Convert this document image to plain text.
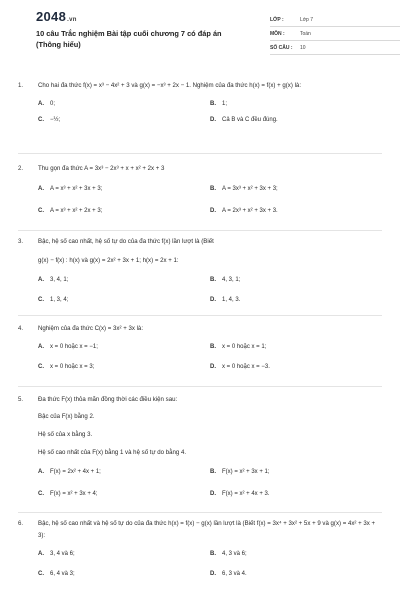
2048.vn
10 câu Trắc nghiệm Bài tập cuối chương 7 có đáp án (Thông hiểu)
LỚP :	Lớp 7
MÔN :	Toán
SỐ CÂU :	10
1. Cho hai đa thức f(x) = x³ − 4x² + 3 và g(x) = −x³ + 2x − 1. Nghiệm của đa thức h(x) = f(x) + g(x) là:
A.	0;	B.	1;
C.	−½;	D.	Cả B và C đều đúng.
2. Thu gọn đa thức A = 3x³ − 2x³ + x + x² + 2x + 3
A.	A = x³ + x² + 3x + 3;	B.	A = 3x³ + x² + 3x + 3;
C.	A = x³ + x² + 2x + 3;	D.	A = 2x³ + x² + 3x + 3.
3. Bậc, hệ số cao nhất, hệ số tự do của đa thức f(x) lần lượt là (Biết
g(x) − f(x) : h(x) và g(x) = 2x² + 3x + 1; h(x) = 2x + 1:
A.	3, 4, 1;	B.	4, 3, 1;
C.	1, 3, 4;	D.	1, 4, 3.
4. Nghiệm của đa thức C(x) = 3x² + 3x là:
A.	x = 0 hoặc x = −1;	B.	x = 0 hoặc x = 1;
C.	x = 0 hoặc x = 3;	D.	x = 0 hoặc x = −3.
5. Đa thức F(x) thỏa mãn đồng thời các điều kiện sau:
Bậc của F(x) bằng 2.
Hệ số của x bằng 3.
Hệ số cao nhất của F(x) bằng 1 và hệ số tự do bằng 4.
A.	F(x) = 2x² + 4x + 1;	B.	F(x) = x² + 3x + 1;
C.	F(x) = x² + 3x + 4;	D.	F(x) = x² + 4x + 3.
6. Bậc, hệ số cao nhất và hệ số tự do của đa thức h(x) = f(x) − g(x) lần lượt là (Biết f(x) = 3x⁴ + 3x² + 5x + 9 và g(x) = 4x² + 3x + 3):
A.	3, 4 và 6;	B.	4, 3 và 6;
C.	6, 4 và 3;	D.	6, 3 và 4.
